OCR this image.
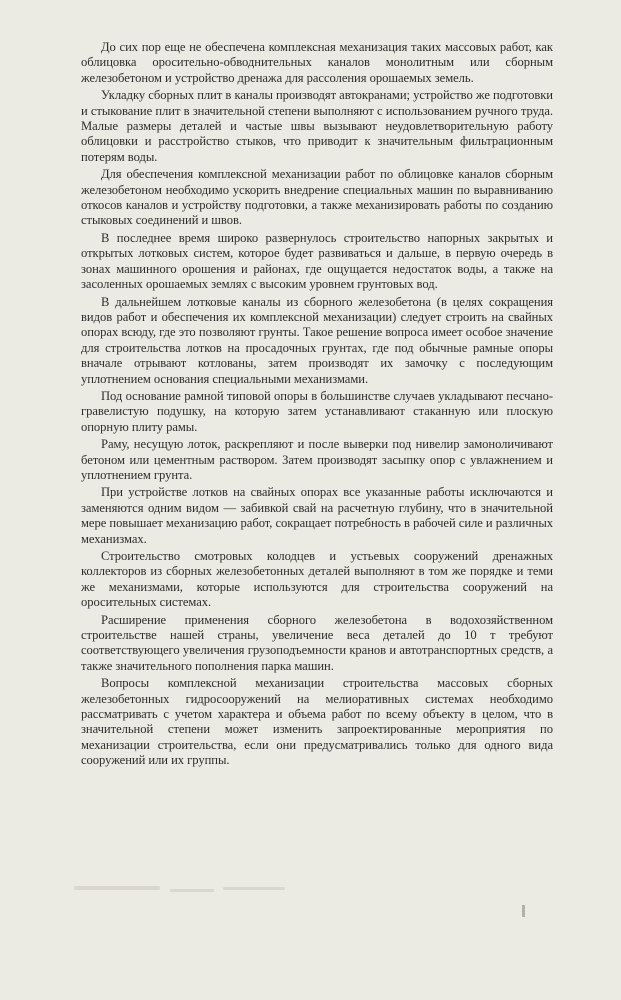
До сих пор еще не обеспечена комплексная механизация таких массовых работ, как облицовка оросительно-обводнительных каналов монолитным или сборным железобетоном и устройство дренажа для рассоления орошаемых земель.

Укладку сборных плит в каналы производят автокранами; устройство же подготовки и стыкование плит в значительной степени выполняют с использованием ручного труда. Малые размеры деталей и частые швы вызывают неудовлетворительную работу облицовки и расстройство стыков, что приводит к значительным фильтрационным потерям воды.

Для обеспечения комплексной механизации работ по облицовке каналов сборным железобетоном необходимо ускорить внедрение специальных машин по выравниванию откосов каналов и устройству подготовки, а также механизировать работы по созданию стыковых соединений и швов.

В последнее время широко развернулось строительство напорных закрытых и открытых лотковых систем, которое будет развиваться и дальше, в первую очередь в зонах машинного орошения и районах, где ощущается недостаток воды, а также на засоленных орошаемых землях с высоким уровнем грунтовых вод.

В дальнейшем лотковые каналы из сборного железобетона (в целях сокращения видов работ и обеспечения их комплексной механизации) следует строить на свайных опорах всюду, где это позволяют грунты. Такое решение вопроса имеет особое значение для строительства лотков на просадочных грунтах, где под обычные рамные опоры вначале отрывают котлованы, затем производят их замочку с последующим уплотнением основания специальными механизмами.

Под основание рамной типовой опоры в большинстве случаев укладывают песчано-гравелистую подушку, на которую затем устанавливают стаканную или плоскую опорную плиту рамы.

Раму, несущую лоток, раскрепляют и после выверки под нивелир замоноличивают бетоном или цементным раствором. Затем производят засыпку опор с увлажнением и уплотнением грунта.

При устройстве лотков на свайных опорах все указанные работы исключаются и заменяются одним видом — забивкой свай на расчетную глубину, что в значительной мере повышает механизацию работ, сокращает потребность в рабочей силе и различных механизмах.

Строительство смотровых колодцев и устьевых сооружений дренажных коллекторов из сборных железобетонных деталей выполняют в том же порядке и теми же механизмами, которые используются для строительства сооружений на оросительных системах.

Расширение применения сборного железобетона в водохозяйственном строительстве нашей страны, увеличение веса деталей до 10 т требуют соответствующего увеличения грузоподъемности кранов и автотранспортных средств, а также значительного пополнения парка машин.

Вопросы комплексной механизации строительства массовых сборных железобетонных гидросооружений на мелиоративных системах необходимо рассматривать с учетом характера и объема работ по всему объекту в целом, что в значительной степени может изменить запроектированные мероприятия по механизации строительства, если они предусматривались только для одного вида сооружений или их группы.
